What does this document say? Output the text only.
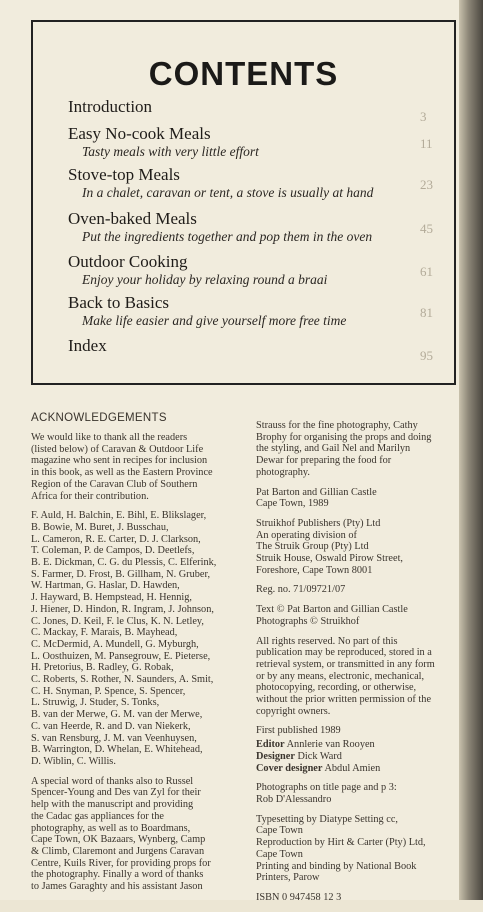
CONTENTS
Introduction
3
Easy No-cook Meals
Tasty meals with very little effort
11
Stove-top Meals
In a chalet, caravan or tent, a stove is usually at hand
23
Oven-baked Meals
Put the ingredients together and pop them in the oven
45
Outdoor Cooking
Enjoy your holiday by relaxing round a braai
61
Back to Basics
Make life easier and give yourself more free time
81
Index
95
ACKNOWLEDGEMENTS

We would like to thank all the readers
(listed below) of Caravan & Outdoor Life
magazine who sent in recipes for inclusion
in this book, as well as the Eastern Province
Region of the Caravan Club of Southern
Africa for their contribution.

F. Auld, H. Balchin, E. Bihl, E. Blikslager,
B. Bowie, M. Buret, J. Busschau,
L. Cameron, R. E. Carter, D. J. Clarkson,
T. Coleman, P. de Campos, D. Deetlefs,
B. E. Dickman, C. G. du Plessis, C. Elferink,
S. Farmer, D. Frost, B. Gillham, N. Gruber,
W. Hartman, G. Haslar, D. Hawden,
J. Hayward, B. Hempstead, H. Hennig,
J. Hiener, D. Hindon, R. Ingram, J. Johnson,
C. Jones, D. Keil, F. le Clus, K. N. Letley,
C. Mackay, F. Marais, B. Mayhead,
C. McDermid, A. Mundell, G. Myburgh,
L. Oosthuizen, M. Pansegrouw, E. Pieterse,
H. Pretorius, B. Radley, G. Robak,
C. Roberts, S. Rother, N. Saunders, A. Smit,
C. H. Snyman, P. Spence, S. Spencer,
L. Struwig, J. Studer, S. Tonks,
B. van der Merwe, G. M. van der Merwe,
C. van Heerde, R. and D. van Niekerk,
S. van Rensburg, J. M. van Veenhuysen,
B. Warrington, D. Whelan, E. Whitehead,
D. Wiblin, C. Willis.

A special word of thanks also to Russel
Spencer-Young and Des van Zyl for their
help with the manuscript and providing
the Cadac gas appliances for the
photography, as well as to Boardmans,
Cape Town, OK Bazaars, Wynberg, Camp
& Climb, Claremont and Jurgens Caravan
Centre, Kuils River, for providing props for
the photography. Finally a word of thanks
to James Garaghty and his assistant Jason

Strauss for the fine photography, Cathy
Brophy for organising the props and doing
the styling, and Gail Nel and Marilyn
Dewar for preparing the food for
photography.

Pat Barton and Gillian Castle
Cape Town, 1989

Struikhof Publishers (Pty) Ltd
An operating division of
The Struik Group (Pty) Ltd
Struik House, Oswald Pirow Street,
Foreshore, Cape Town 8001

Reg. no. 71/09721/07

Text © Pat Barton and Gillian Castle
Photographs © Struikhof

All rights reserved. No part of this
publication may be reproduced, stored in a
retrieval system, or transmitted in any form
or by any means, electronic, mechanical,
photocopying, recording, or otherwise,
without the prior written permission of the
copyright owners.

First published 1989

Editor Annlerie van Rooyen
Designer Dick Ward
Cover designer Abdul Amien

Photographs on title page and p 3:
Rob D'Alessandro

Typesetting by Diatype Setting cc,
Cape Town
Reproduction by Hirt & Carter (Pty) Ltd,
Cape Town
Printing and binding by National Book
Printers, Parow

ISBN 0 947458 12 3
